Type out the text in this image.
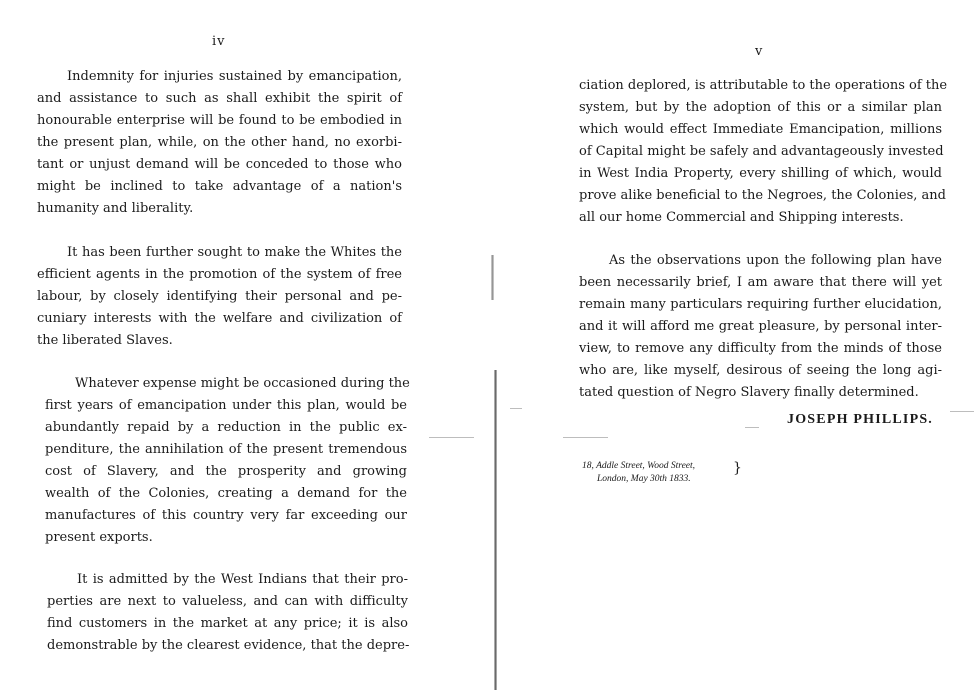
iv
Indemnity for injuries sustained by emancipation,
and assistance to such as shall exhibit the spirit of
honourable enterprise will be found to be embodied in
the present plan, while, on the other hand, no exorbi-
tant or unjust demand will be conceded to those who
might be inclined to take advantage of a nation's
humanity and liberality.
It has been further sought to make the Whites the
efficient agents in the promotion of the system of free
labour, by closely identifying their personal and pe-
cuniary interests with the welfare and civilization of
the liberated Slaves.
Whatever expense might be occasioned during the
first years of emancipation under this plan, would be
abundantly repaid by a reduction in the public ex-
penditure, the annihilation of the present tremendous
cost of Slavery, and the prosperity and growing
wealth of the Colonies, creating a demand for the
manufactures of this country very far exceeding our
present exports.
It is admitted by the West Indians that their pro-
perties are next to valueless, and can with difficulty
find customers in the market at any price; it is also
demonstrable by the clearest evidence, that the depre-
v
ciation deplored, is attributable to the operations of the
system, but by the adoption of this or a similar plan
which would effect Immediate Emancipation, millions
of Capital might be safely and advantageously invested
in West India Property, every shilling of which, would
prove alike beneficial to the Negroes, the Colonies, and
all our home Commercial and Shipping interests.
As the observations upon the following plan have
been necessarily brief, I am aware that there will yet
remain many particulars requiring further elucidation,
and it will afford me great pleasure, by personal inter-
view, to remove any difficulty from the minds of those
who are, like myself, desirous of seeing the long agi-
tated question of Negro Slavery finally determined.
JOSEPH PHILLIPS.
18, Addle Street, Wood Street,
London, May 30th 1833.
}
